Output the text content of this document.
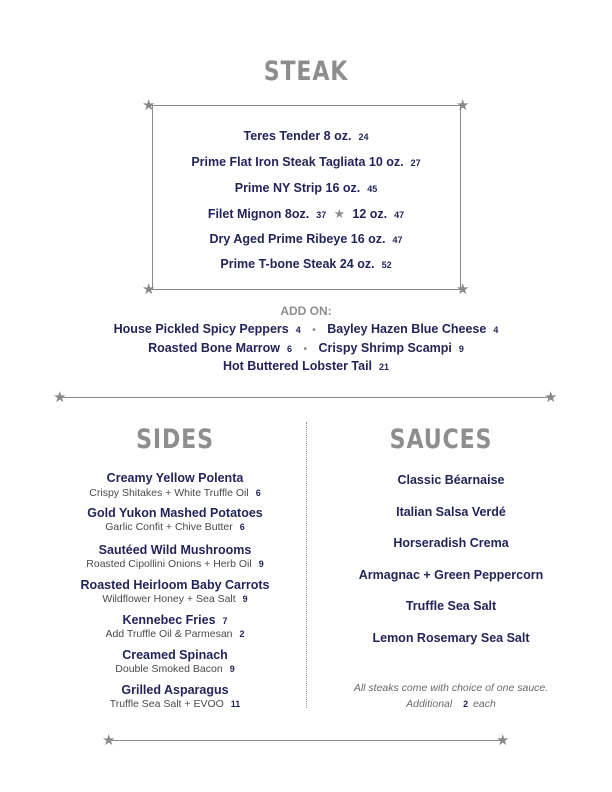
STEAK
★	★
★	★
Teres Tender 8 oz. 24
Prime Flat Iron Steak Tagliata 10 oz. 27
Prime NY Strip 16 oz. 45
Filet Mignon 8oz. 37 ★ 12 oz. 47
Dry Aged Prime Ribeye 16 oz. 47
Prime T-bone Steak 24 oz. 52
ADD ON:
House Pickled Spicy Peppers 4 • Bayley Hazen Blue Cheese 4
Roasted Bone Marrow 6 • Crispy Shrimp Scampi 9
Hot Buttered Lobster Tail 21
★	★
SIDES
Creamy Yellow Polenta
Crispy Shitakes + White Truffle Oil 6
Gold Yukon Mashed Potatoes
Garlic Confit + Chive Butter 6
Sautéed Wild Mushrooms
Roasted Cipollini Onions + Herb Oil 9
Roasted Heirloom Baby Carrots
Wildflower Honey + Sea Salt 9
Kennebec Fries 7
Add Truffle Oil & Parmesan 2
Creamed Spinach
Double Smoked Bacon 9
Grilled Asparagus
Truffle Sea Salt + EVOO 11
SAUCES
Classic Béarnaise
Italian Salsa Verdé
Horseradish Crema
Armagnac + Green Peppercorn
Truffle Sea Salt
Lemon Rosemary Sea Salt
All steaks come with choice of one sauce.
Additional 2 each
★	★
